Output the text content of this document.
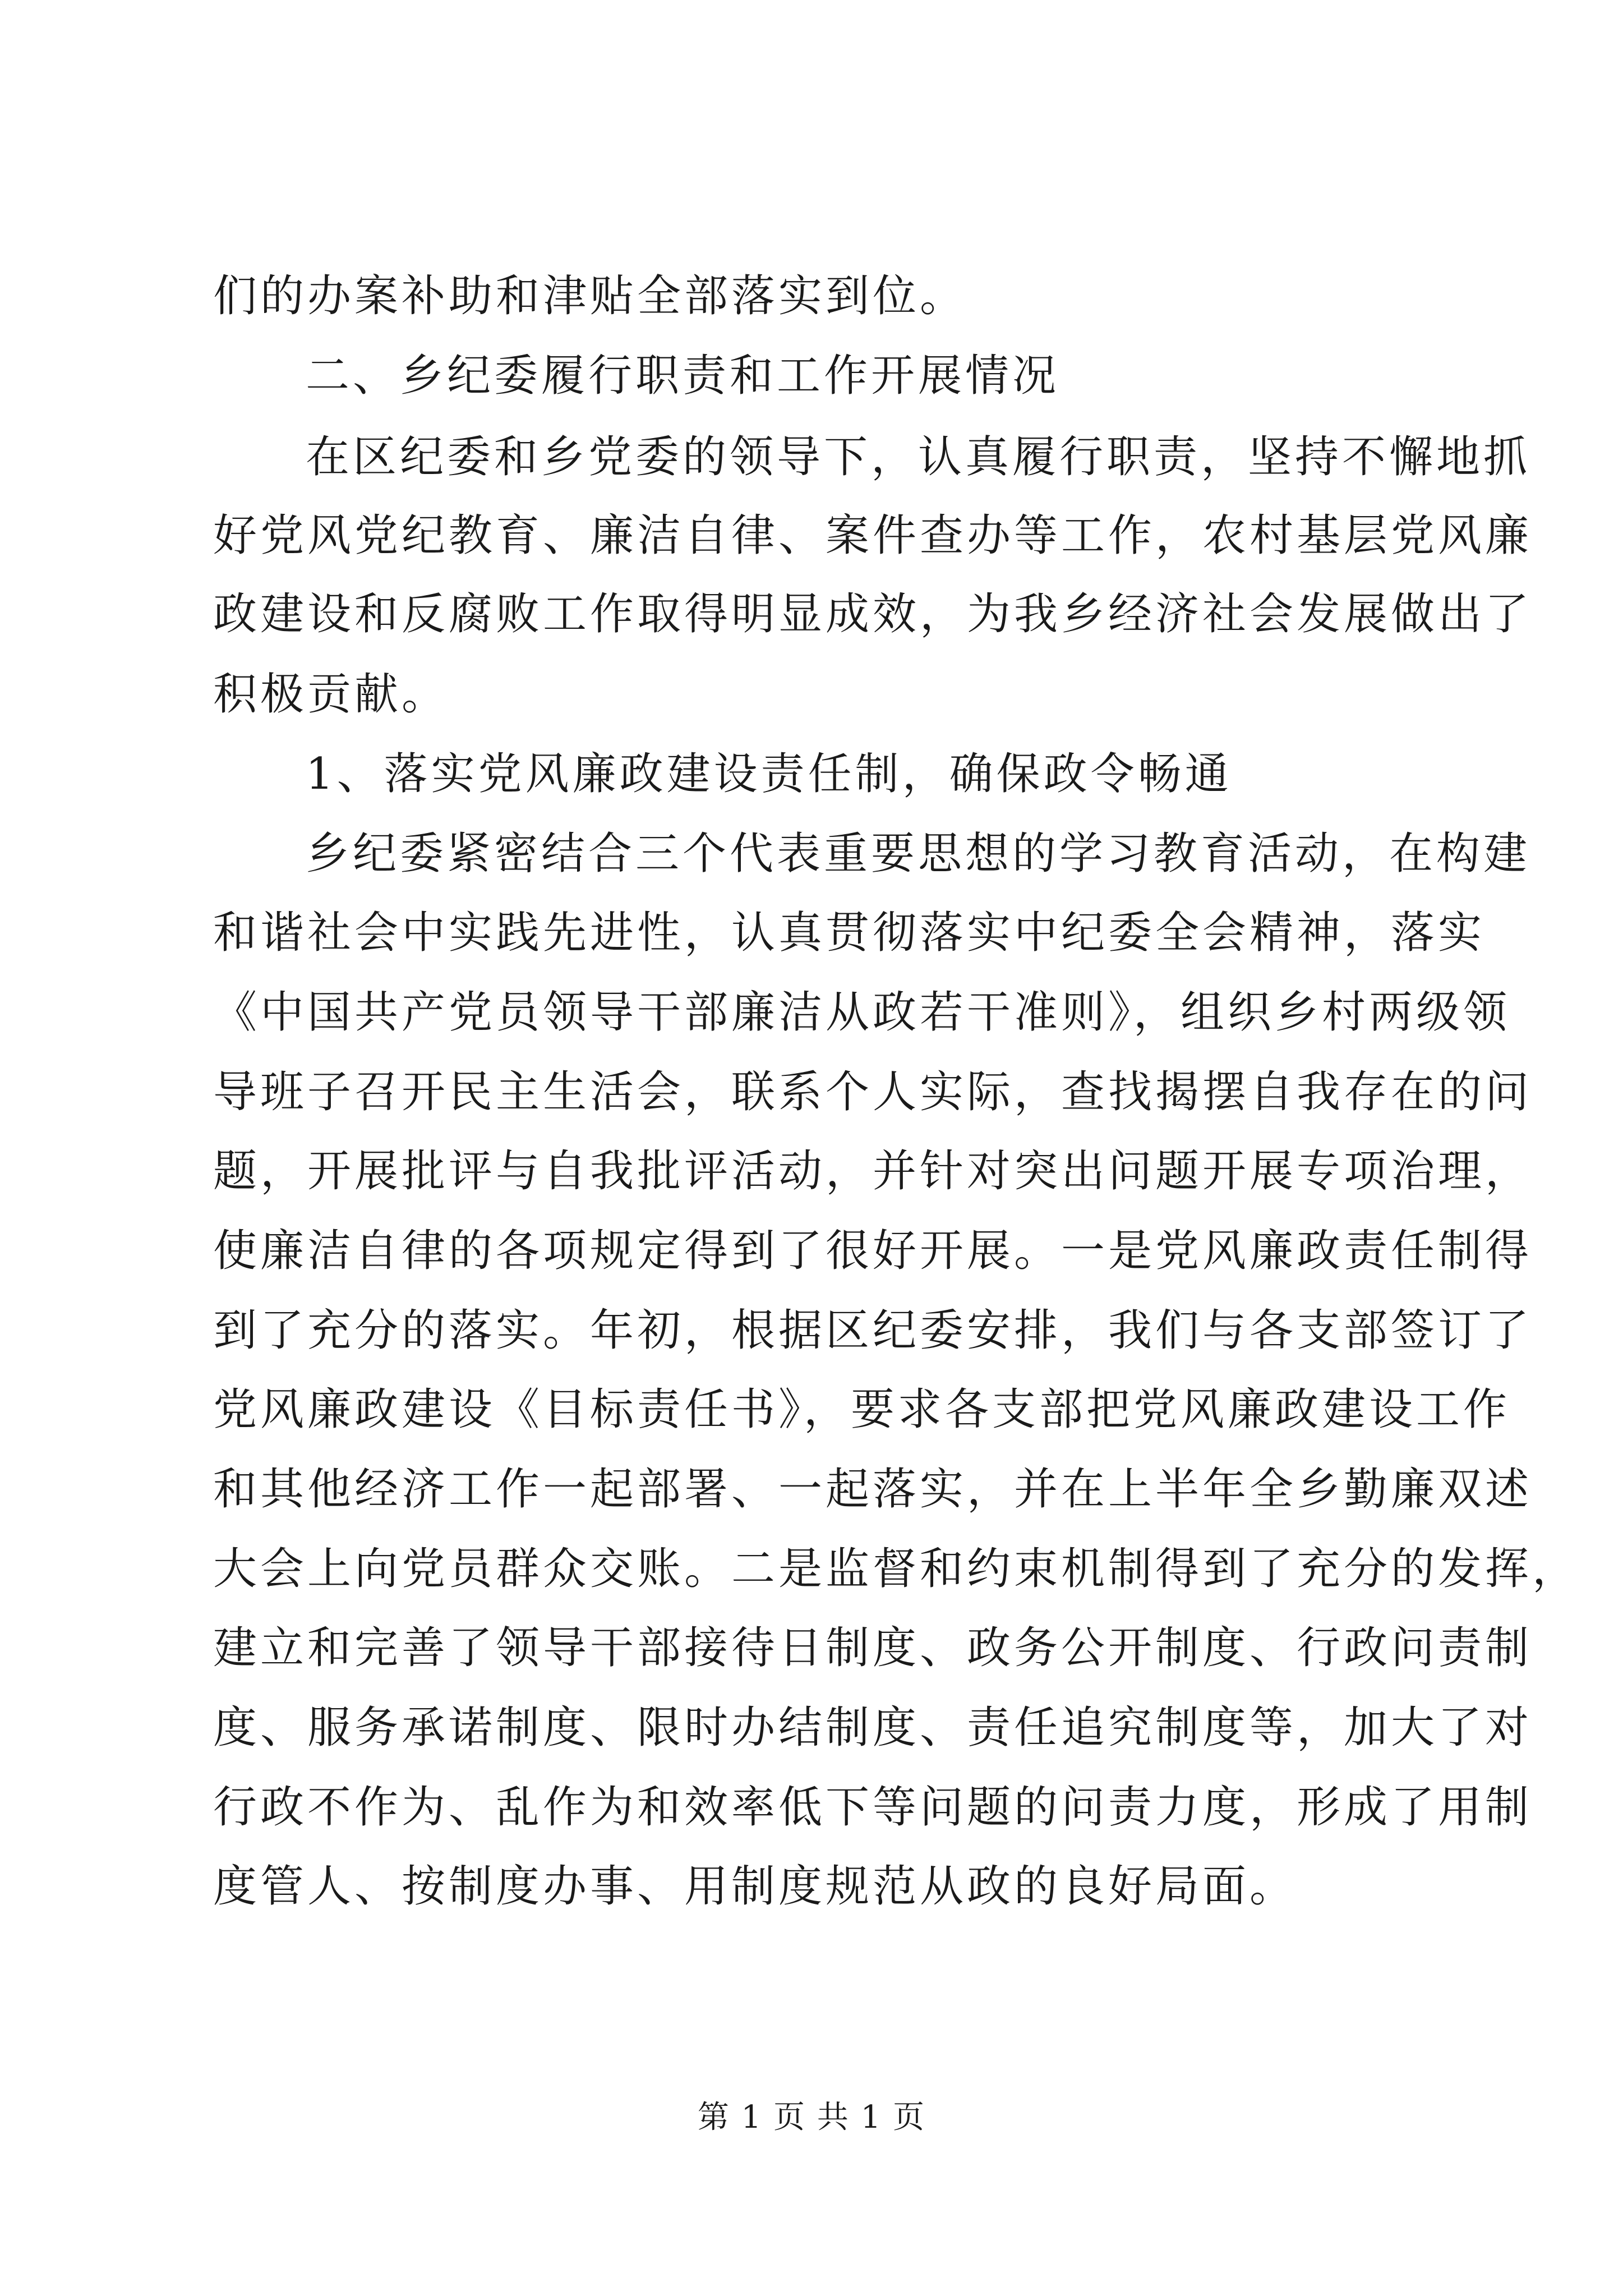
们的办案补助和津贴全部落实到位。
二、乡纪委履行职责和工作开展情况
在区纪委和乡党委的领导下，认真履行职责，坚持不懈地抓
好党风党纪教育、廉洁自律、案件查办等工作，农村基层党风廉
政建设和反腐败工作取得明显成效，为我乡经济社会发展做出了
积极贡献。
1、落实党风廉政建设责任制，确保政令畅通
乡纪委紧密结合三个代表重要思想的学习教育活动，在构建
和谐社会中实践先进性，认真贯彻落实中纪委全会精神，落实
《中国共产党员领导干部廉洁从政若干准则》，组织乡村两级领
导班子召开民主生活会，联系个人实际，查找揭摆自我存在的问
题，开展批评与自我批评活动，并针对突出问题开展专项治理，
使廉洁自律的各项规定得到了很好开展。一是党风廉政责任制得
到了充分的落实。年初，根据区纪委安排，我们与各支部签订了
党风廉政建设《目标责任书》，要求各支部把党风廉政建设工作
和其他经济工作一起部署、一起落实，并在上半年全乡勤廉双述
大会上向党员群众交账。二是监督和约束机制得到了充分的发挥，
建立和完善了领导干部接待日制度、政务公开制度、行政问责制
度、服务承诺制度、限时办结制度、责任追究制度等，加大了对
行政不作为、乱作为和效率低下等问题的问责力度，形成了用制
度管人、按制度办事、用制度规范从政的良好局面。
第 1 页 共 1 页
